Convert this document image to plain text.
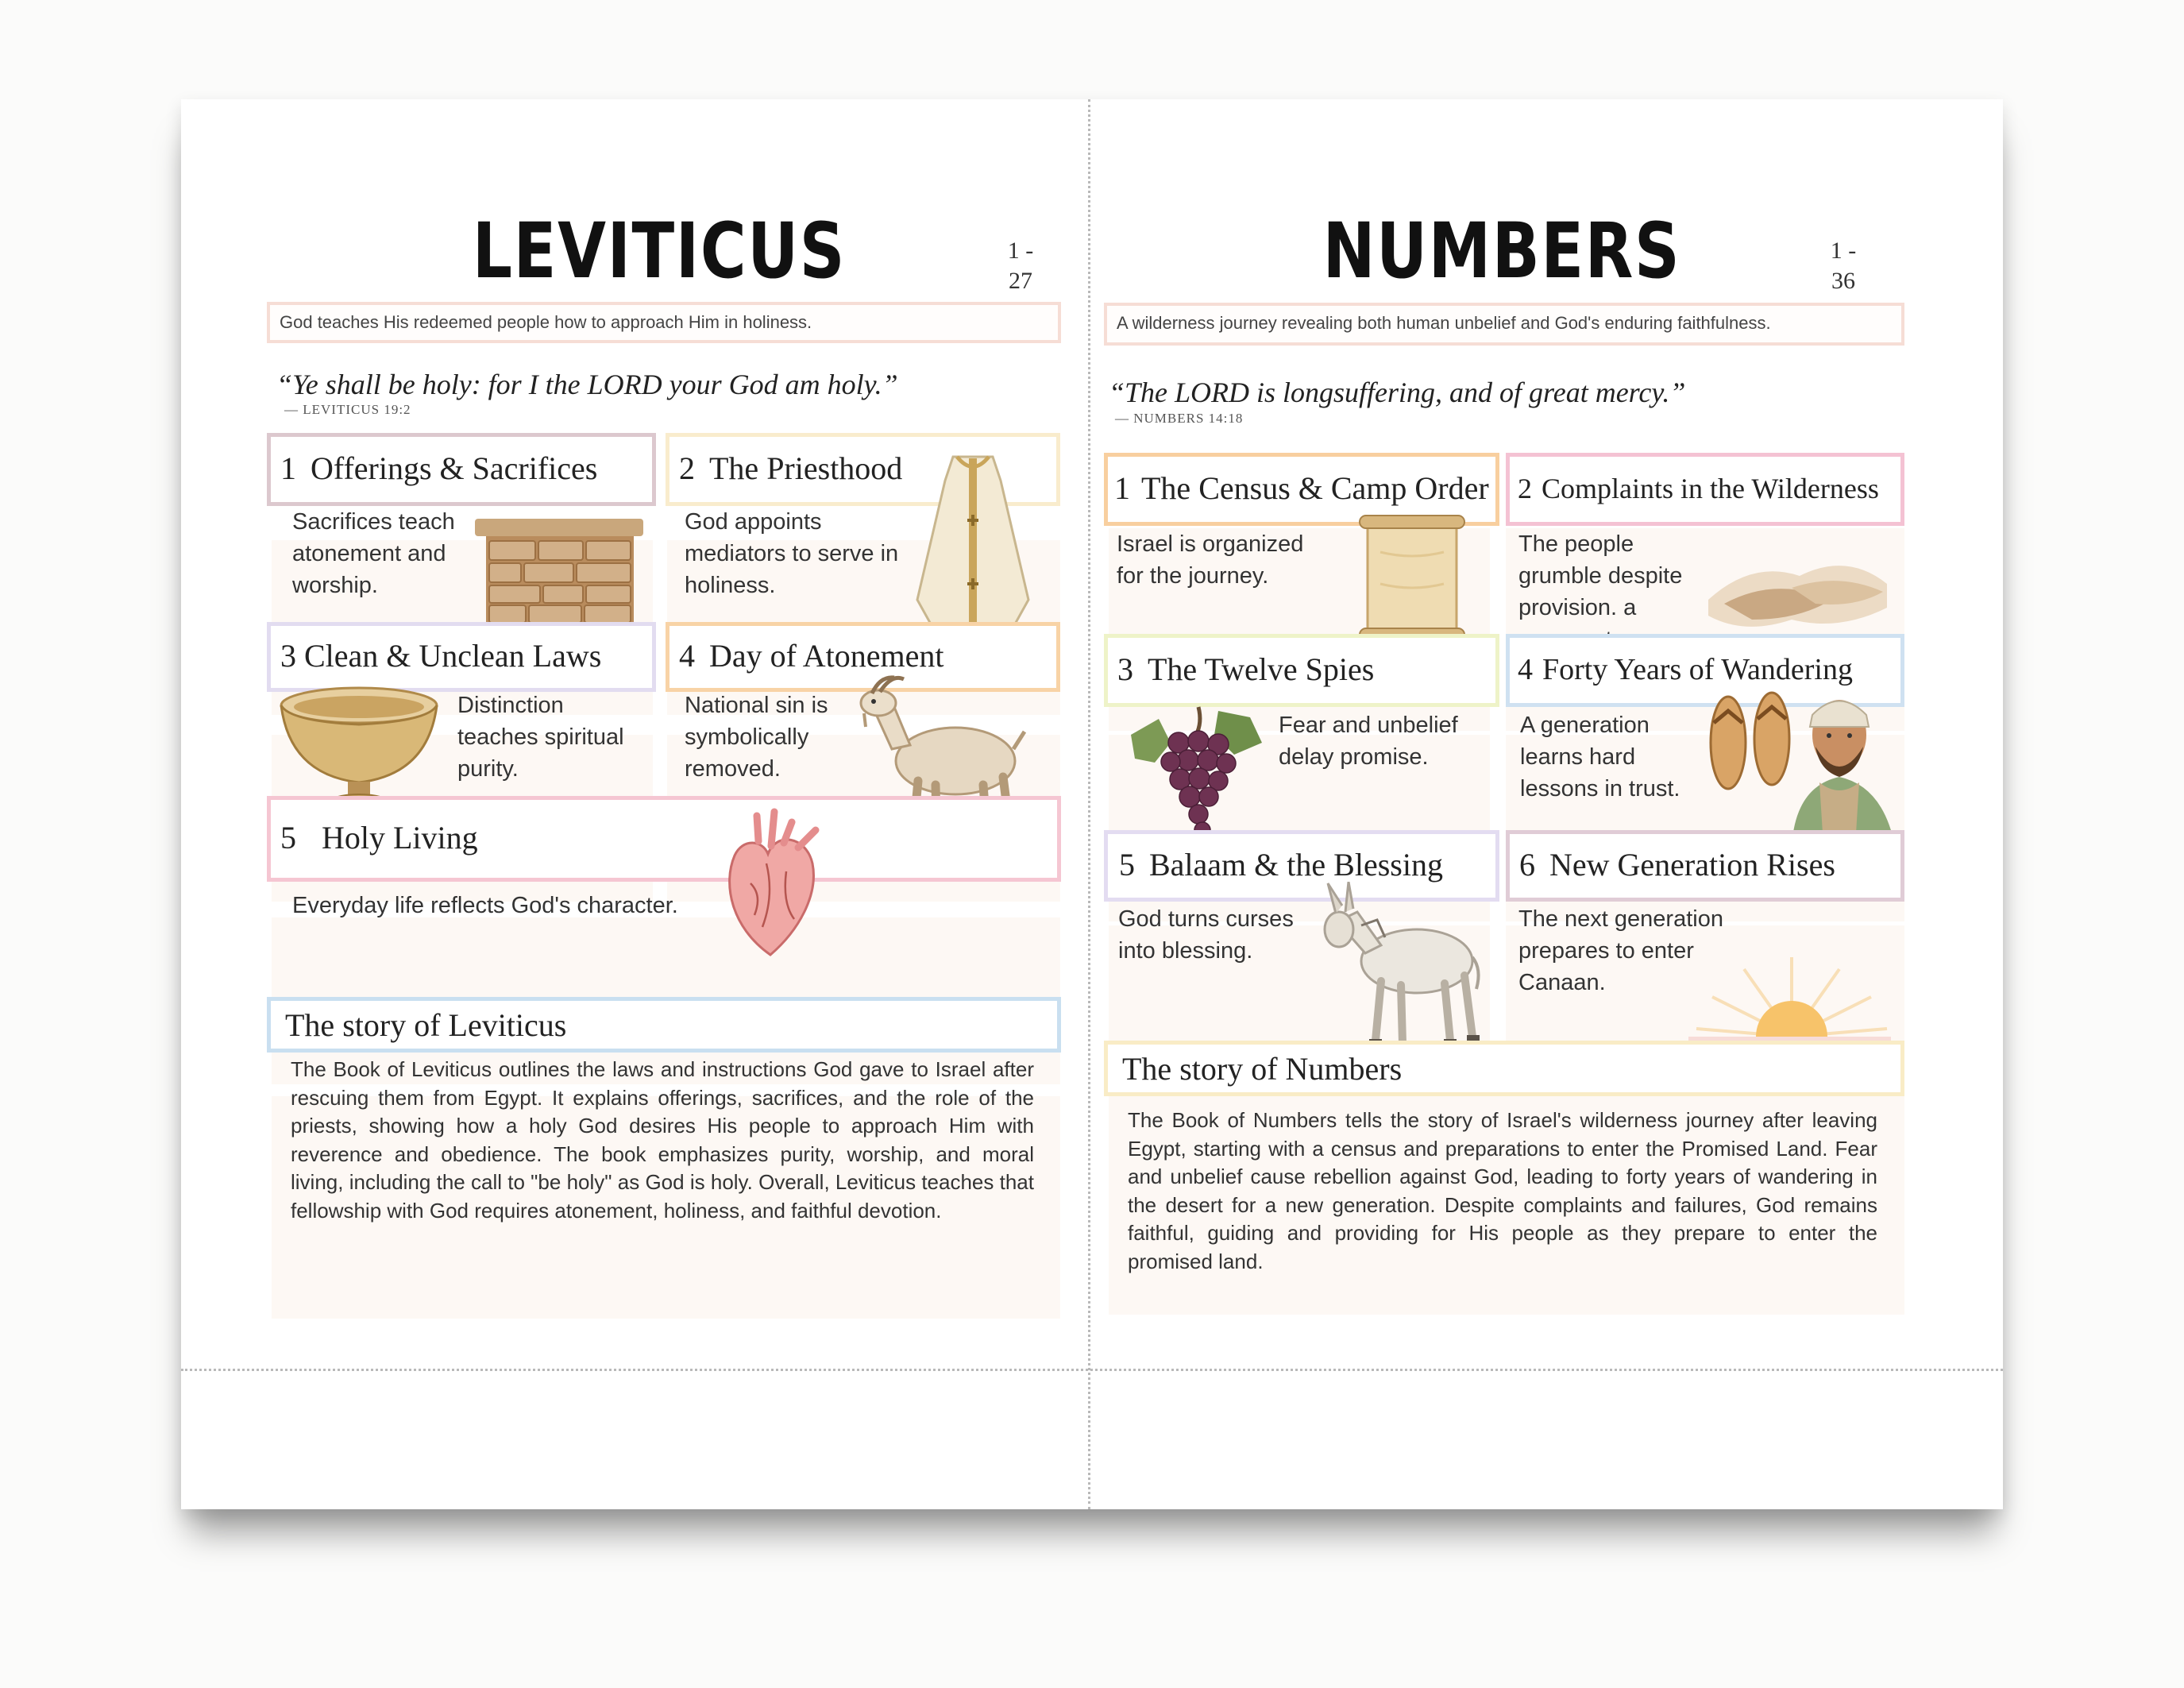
LEVITICUS	1 -
27
God teaches His redeemed people how to approach Him in holiness.
“Ye shall be holy: for I the LORD your God am holy.”
— LEVITICUS 19:2
1 Offerings & Sacrifices
Sacrifices teach atonement and worship.
2 The Priesthood
God appoints mediators to serve in holiness.
3 Clean & Unclean Laws
Distinction teaches spiritual purity.
4 Day of Atonement
National sin is symbolically removed.
5 Holy Living
Everyday life reflects God's character.
The story of Leviticus
The Book of Leviticus outlines the laws and instructions God gave to Israel after rescuing them from Egypt. It explains offerings, sacrifices, and the role of the priests, showing how a holy God desires His people to approach Him with reverence and obedience. The book emphasizes purity, worship, and moral living, including the call to "be holy" as God is holy. Overall, Leviticus teaches that fellowship with God requires atonement, holiness, and faithful devotion.
NUMBERS	1 -
36
A wilderness journey revealing both human unbelief and God's enduring faithfulness.
“The LORD is longsuffering, and of great mercy.”
— NUMBERS 14:18
1 The Census & Camp Order
Israel is organized for the journey.
2 Complaints in the Wilderness
The people grumble despite provision. a
3 The Twelve Spies
Fear and unbelief delay promise.
4 Forty Years of Wandering
A generation learns hard lessons in trust.
5 Balaam & the Blessing
God turns curses into blessing.
6 New Generation Rises
The next generation prepares to enter Canaan.
The story of Numbers
The Book of Numbers tells the story of Israel's wilderness journey after leaving Egypt, starting with a census and preparations to enter the Promised Land. Fear and unbelief cause rebellion against God, leading to forty years of wandering in the desert for a new generation. Despite complaints and failures, God remains faithful, guiding and providing for His people as they prepare to enter the promised land.
